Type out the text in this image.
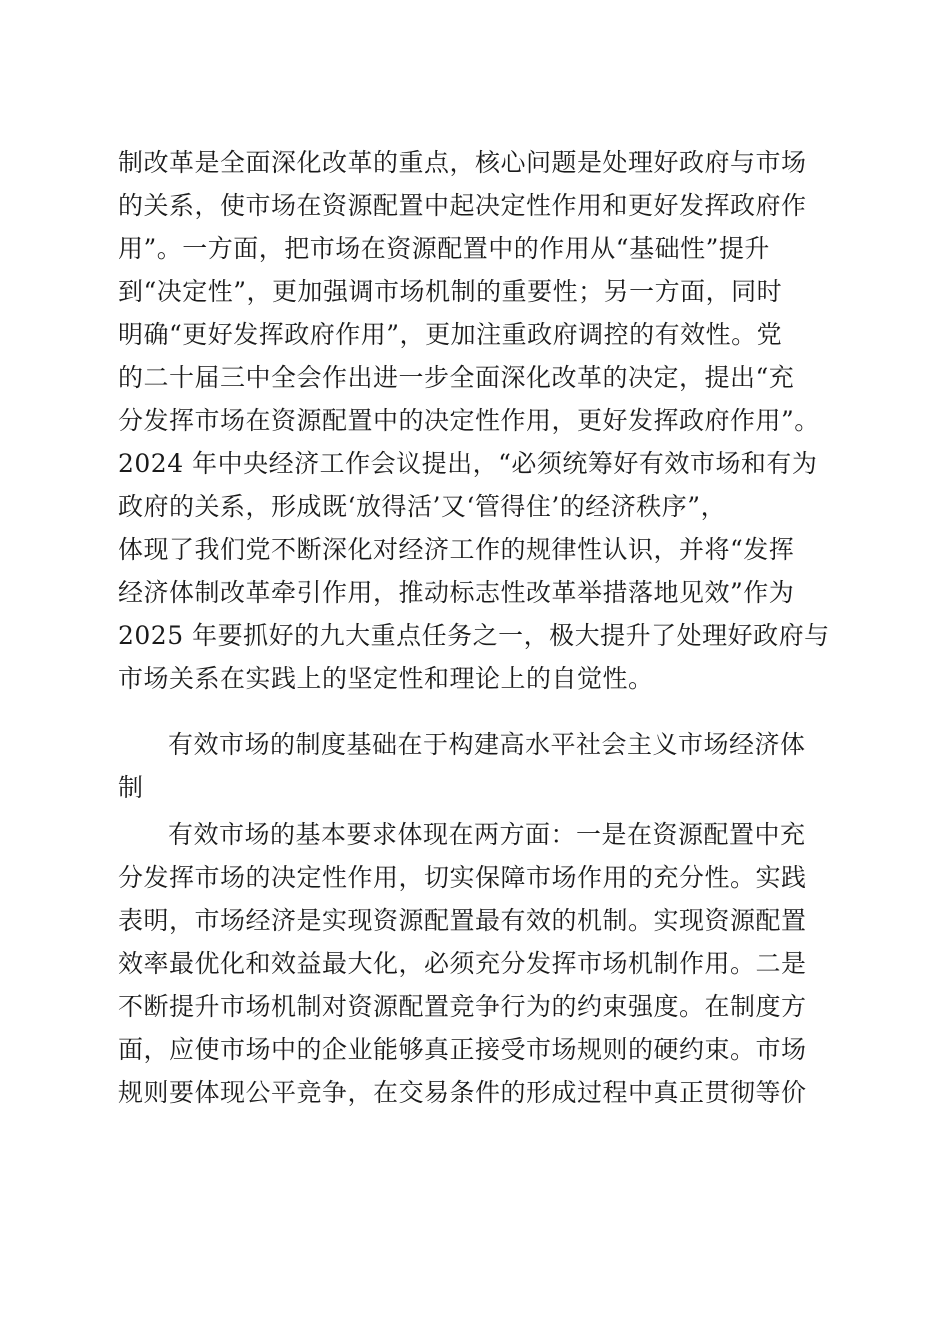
制改革是全面深化改革的重点，核心问题是处理好政府与市场
的关系，使市场在资源配置中起决定性作用和更好发挥政府作
用”。一方面，把市场在资源配置中的作用从“基础性”提升
到“决定性”，更加强调市场机制的重要性；另一方面，同时
明确“更好发挥政府作用”，更加注重政府调控的有效性。党
的二十届三中全会作出进一步全面深化改革的决定，提出“充
分发挥市场在资源配置中的决定性作用，更好发挥政府作用”。
2024 年中央经济工作会议提出，“必须统筹好有效市场和有为
政府的关系，形成既‘放得活’又‘管得住’的经济秩序”，
体现了我们党不断深化对经济工作的规律性认识，并将“发挥
经济体制改革牵引作用，推动标志性改革举措落地见效”作为
2025 年要抓好的九大重点任务之一，极大提升了处理好政府与
市场关系在实践上的坚定性和理论上的自觉性。
有效市场的制度基础在于构建高水平社会主义市场经济体
制
有效市场的基本要求体现在两方面：一是在资源配置中充
分发挥市场的决定性作用，切实保障市场作用的充分性。实践
表明，市场经济是实现资源配置最有效的机制。实现资源配置
效率最优化和效益最大化，必须充分发挥市场机制作用。二是
不断提升市场机制对资源配置竞争行为的约束强度。在制度方
面，应使市场中的企业能够真正接受市场规则的硬约束。市场
规则要体现公平竞争，在交易条件的形成过程中真正贯彻等价
